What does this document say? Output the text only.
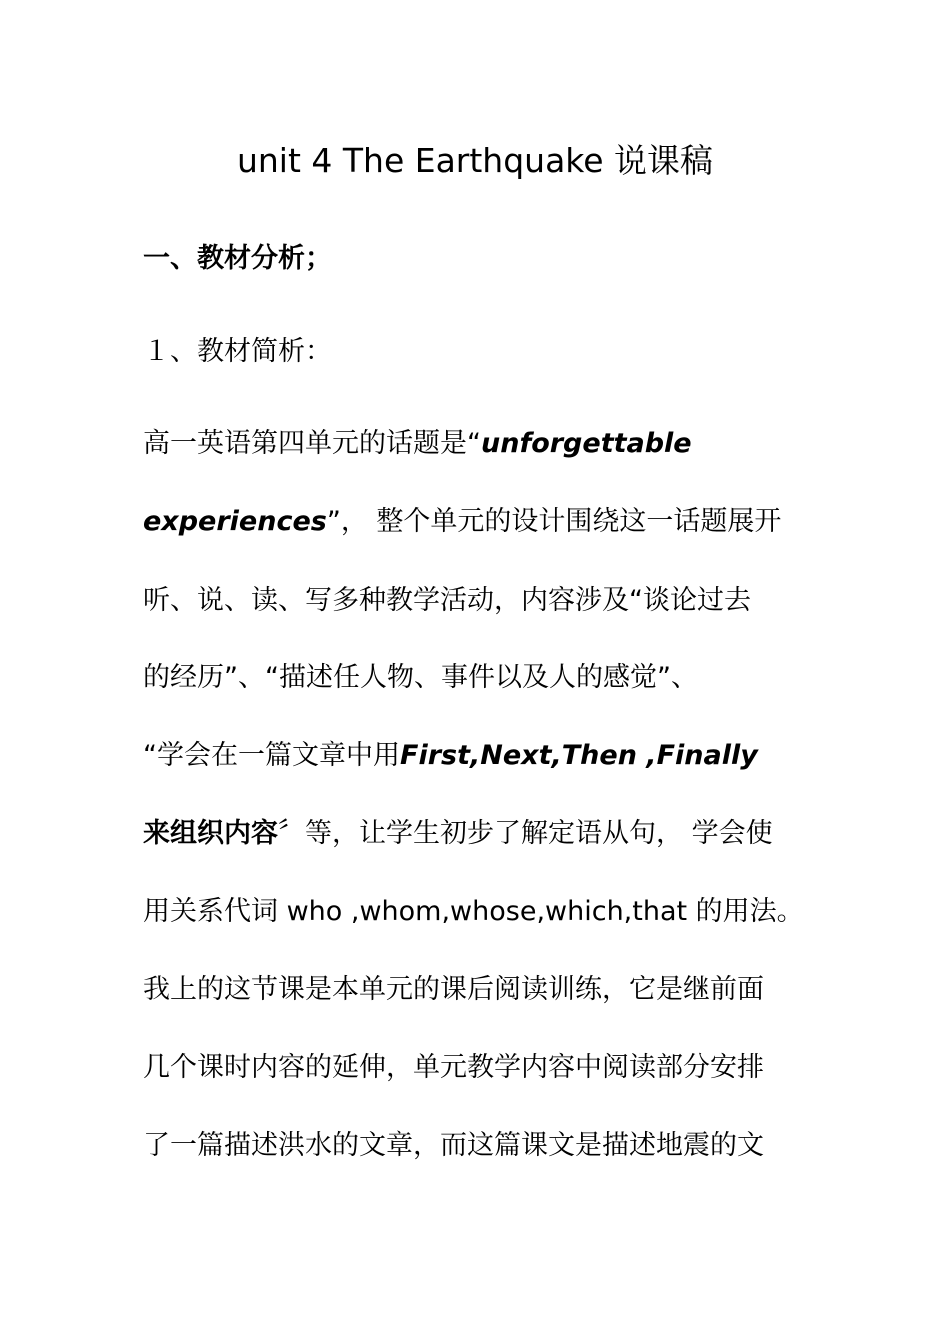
unit 4 The Earthquake 说课稿
一、教材分析；
１、教材简析：
高一英语第四单元的话题是“unforgettable
experiences”， 整个单元的设计围绕这一话题展开
听、说、读、写多种教学活动，内容涉及“谈论过去
的经历”、“描述任人物、事件以及人的感觉”、
“学会在一篇文章中用First,Next,Then ,Finally
来组织内容〞等，让学生初步了解定语从句， 学会使
用关系代词 who ,whom,whose,which,that 的用法。
我上的这节课是本单元的课后阅读训练，它是继前面
几个课时内容的延伸，单元教学内容中阅读部分安排
了一篇描述洪水的文章，而这篇课文是描述地震的文
